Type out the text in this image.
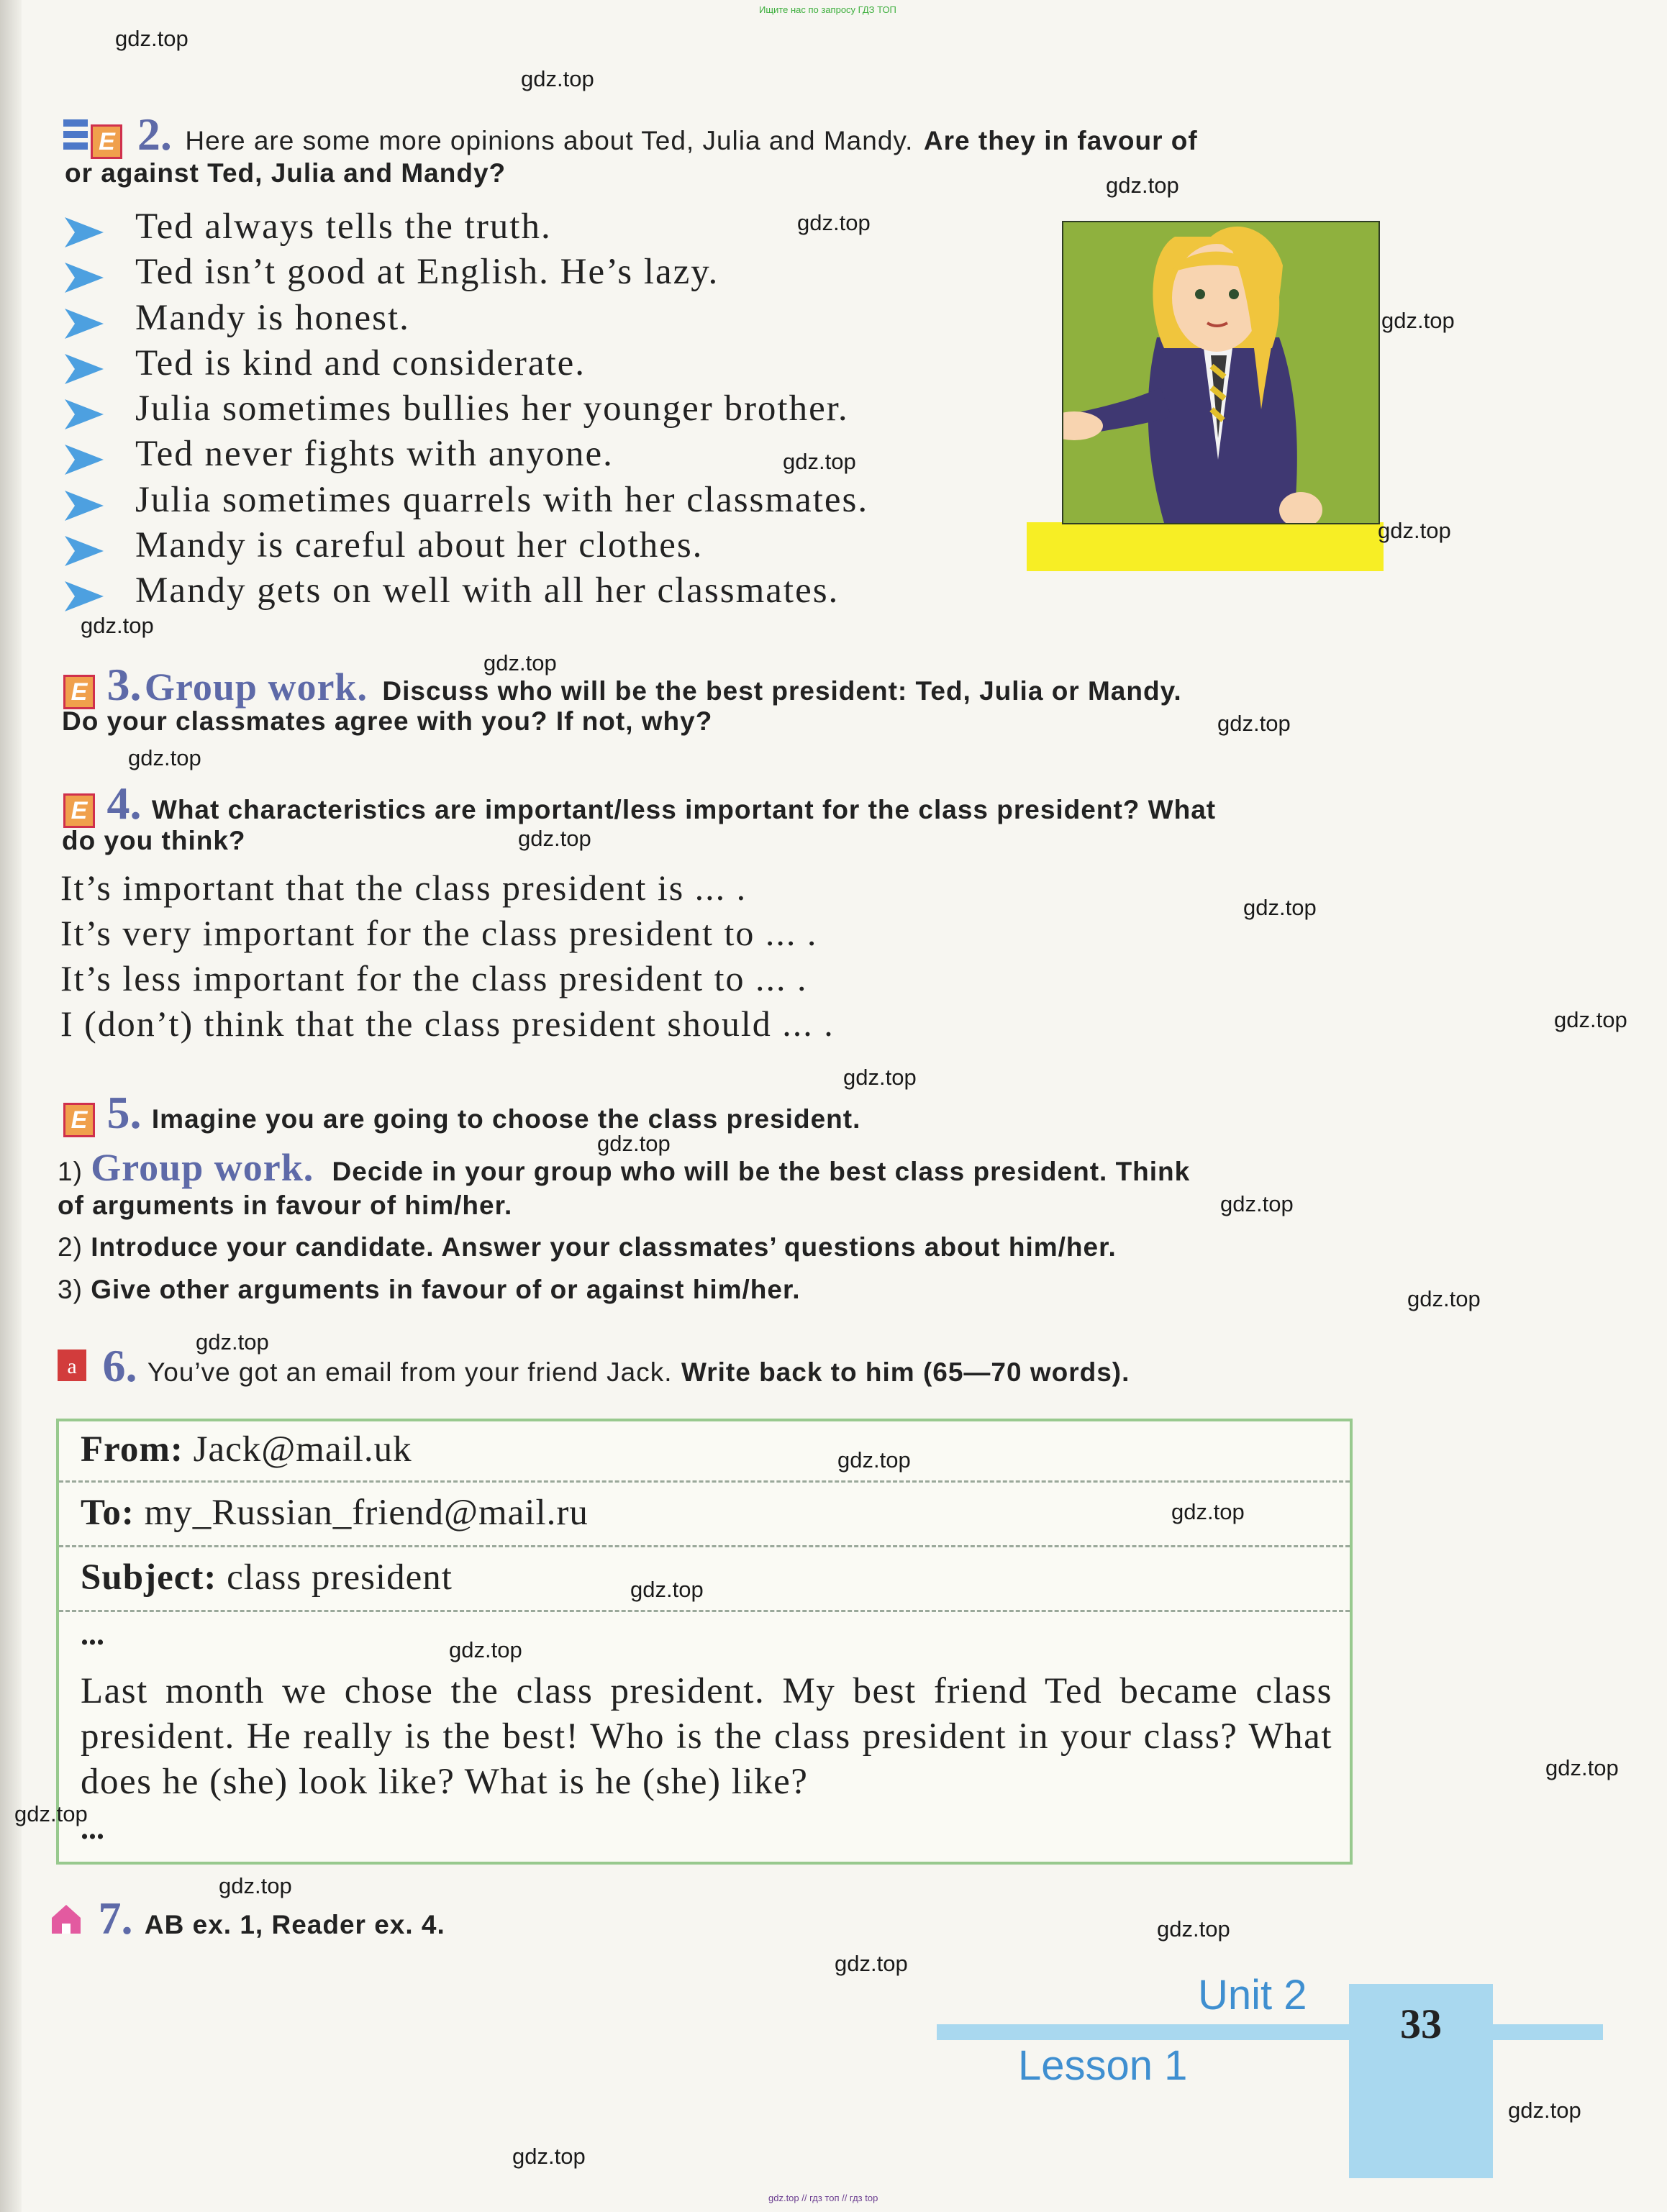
Ищите нас по запросу ГДЗ ТОП
E 2. Here are some more opinions about Ted, Julia and Mandy. Are they in favour of
or against Ted, Julia and Mandy?
Ted always tells the truth.
Ted isn’t good at English. He’s lazy.
Mandy is honest.
Ted is kind and considerate.
Julia sometimes bullies her younger brother.
Ted never fights with anyone.
Julia sometimes quarrels with her classmates.
Mandy is careful about her clothes.
Mandy gets on well with all her classmates.
E 3. Group work. Discuss who will be the best president: Ted, Julia or Mandy.
Do your classmates agree with you? If not, why?
E 4. What characteristics are important/less important for the class president? What
do you think?
It’s important that the class president is ... .
It’s very important for the class president to ... .
It’s less important for the class president to ... .
I (don’t) think that the class president should ... .
E 5. Imagine you are going to choose the class president.
1) Group work. Decide in your group who will be the best class president. Think
of arguments in favour of him/her.
2) Introduce your candidate. Answer your classmates’ questions about him/her.
3) Give other arguments in favour of or against him/her.
a 6. You’ve got an email from your friend Jack. Write back to him (65—70 words).
From: Jack@mail.uk
To: my_Russian_friend@mail.ru
Subject: class president
...
Last month we chose the class president. My best friend Ted became class president. He really is the best! Who is the class president in your class? What does he (she) look like? What is he (she) like?
...
7. AB ex. 1, Reader ex. 4.
33
Unit 2
Lesson 1
gdz.top
gdz.top
gdz.top
gdz.top
gdz.top
gdz.top
gdz.top
gdz.top
gdz.top
gdz.top
gdz.top
gdz.top
gdz.top
gdz.top
gdz.top
gdz.top
gdz.top
gdz.top
gdz.top
gdz.top
gdz.top
gdz.top
gdz.top
gdz.top
gdz.top
gdz.top
gdz.top
gdz.top
gdz.top
gdz.top
gdz.top // гдз топ // гдз top
